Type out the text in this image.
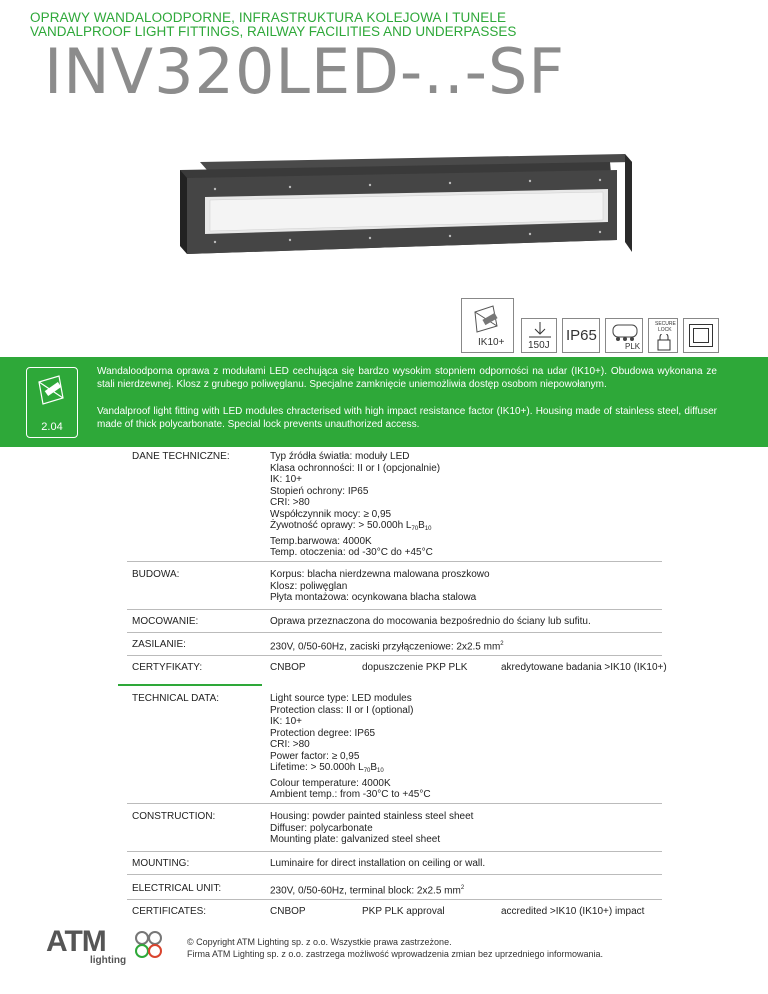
OPRAWY WANDALOODPORNE, INFRASTRUKTURA KOLEJOWA I TUNELE
VANDALPROOF LIGHT FITTINGS, RAILWAY FACILITIES AND UNDERPASSES
INV320LED-..-SF
IK10+ 150J
IP65
PLK
SECURE
LOCK
2.04
Wandaloodporna oprawa z modułami LED cechująca się bardzo wysokim stopniem odporności na udar (IK10+). Obudowa wykonana ze stali nierdzewnej. Klosz z grubego poliwęglanu. Specjalne zamknięcie uniemożliwia dostęp osobom niepowołanym.
Vandalproof light fitting with LED modules chracterised with high impact resistance factor (IK10+). Housing made of stainless steel, diffuser made of thick polycarbonate. Special lock prevents unauthorized access.
DANE TECHNICZNE:	Typ źródła światła: moduły LED
Klasa ochronności: II or I (opcjonalnie)
IK: 10+
Stopień ochrony: IP65
CRI: >80
Współczynnik mocy: ≥ 0,95
Żywotność oprawy: > 50.000h $L_{70}B_{10}$
Temp.barwowa: 4000K
Temp. otoczenia: od -30°C do +45°C
BUDOWA:	Korpus: blacha nierdzewna malowana proszkowo
Klosz: poliwęglan
Płyta montażowa: ocynkowana blacha stalowa
MOCOWANIE:	Oprawa przeznaczona do mocowania bezpośrednio do ściany lub sufitu.
ZASILANIE:	230V, 0/50-60Hz, zaciski przyłączeniowe: 2x2.5 $mm^2$
CERTYFIKATY:	CNBOP	dopuszczenie PKP PLK	akredytowane badania >IK10 (IK10+)
TECHNICAL DATA:	Light source type: LED modules
Protection class: II or I (optional)
IK: 10+
Protection degree: IP65
CRI: >80
Power factor: ≥ 0,95
Lifetime: > 50.000h $L_{70}B_{10}$
Colour temperature: 4000K
Ambient temp.: from -30°C to +45°C
CONSTRUCTION:	Housing: powder painted stainless steel sheet
Diffuser: polycarbonate
Mounting plate: galvanized steel sheet
MOUNTING:	Luminaire for direct installation on ceiling or wall.
ELECTRICAL UNIT:	230V, 0/50-60Hz, terminal block: 2x2.5 $mm^2$
CERTIFICATES:	CNBOP	PKP PLK approval	accredited >IK10 (IK10+) impact
ATM
lighting
© Copyright ATM Lighting sp. z o.o. Wszystkie prawa zastrzeżone.
Firma ATM Lighting sp. z o.o. zastrzega możliwość wprowadzenia zmian bez uprzedniego informowania.
